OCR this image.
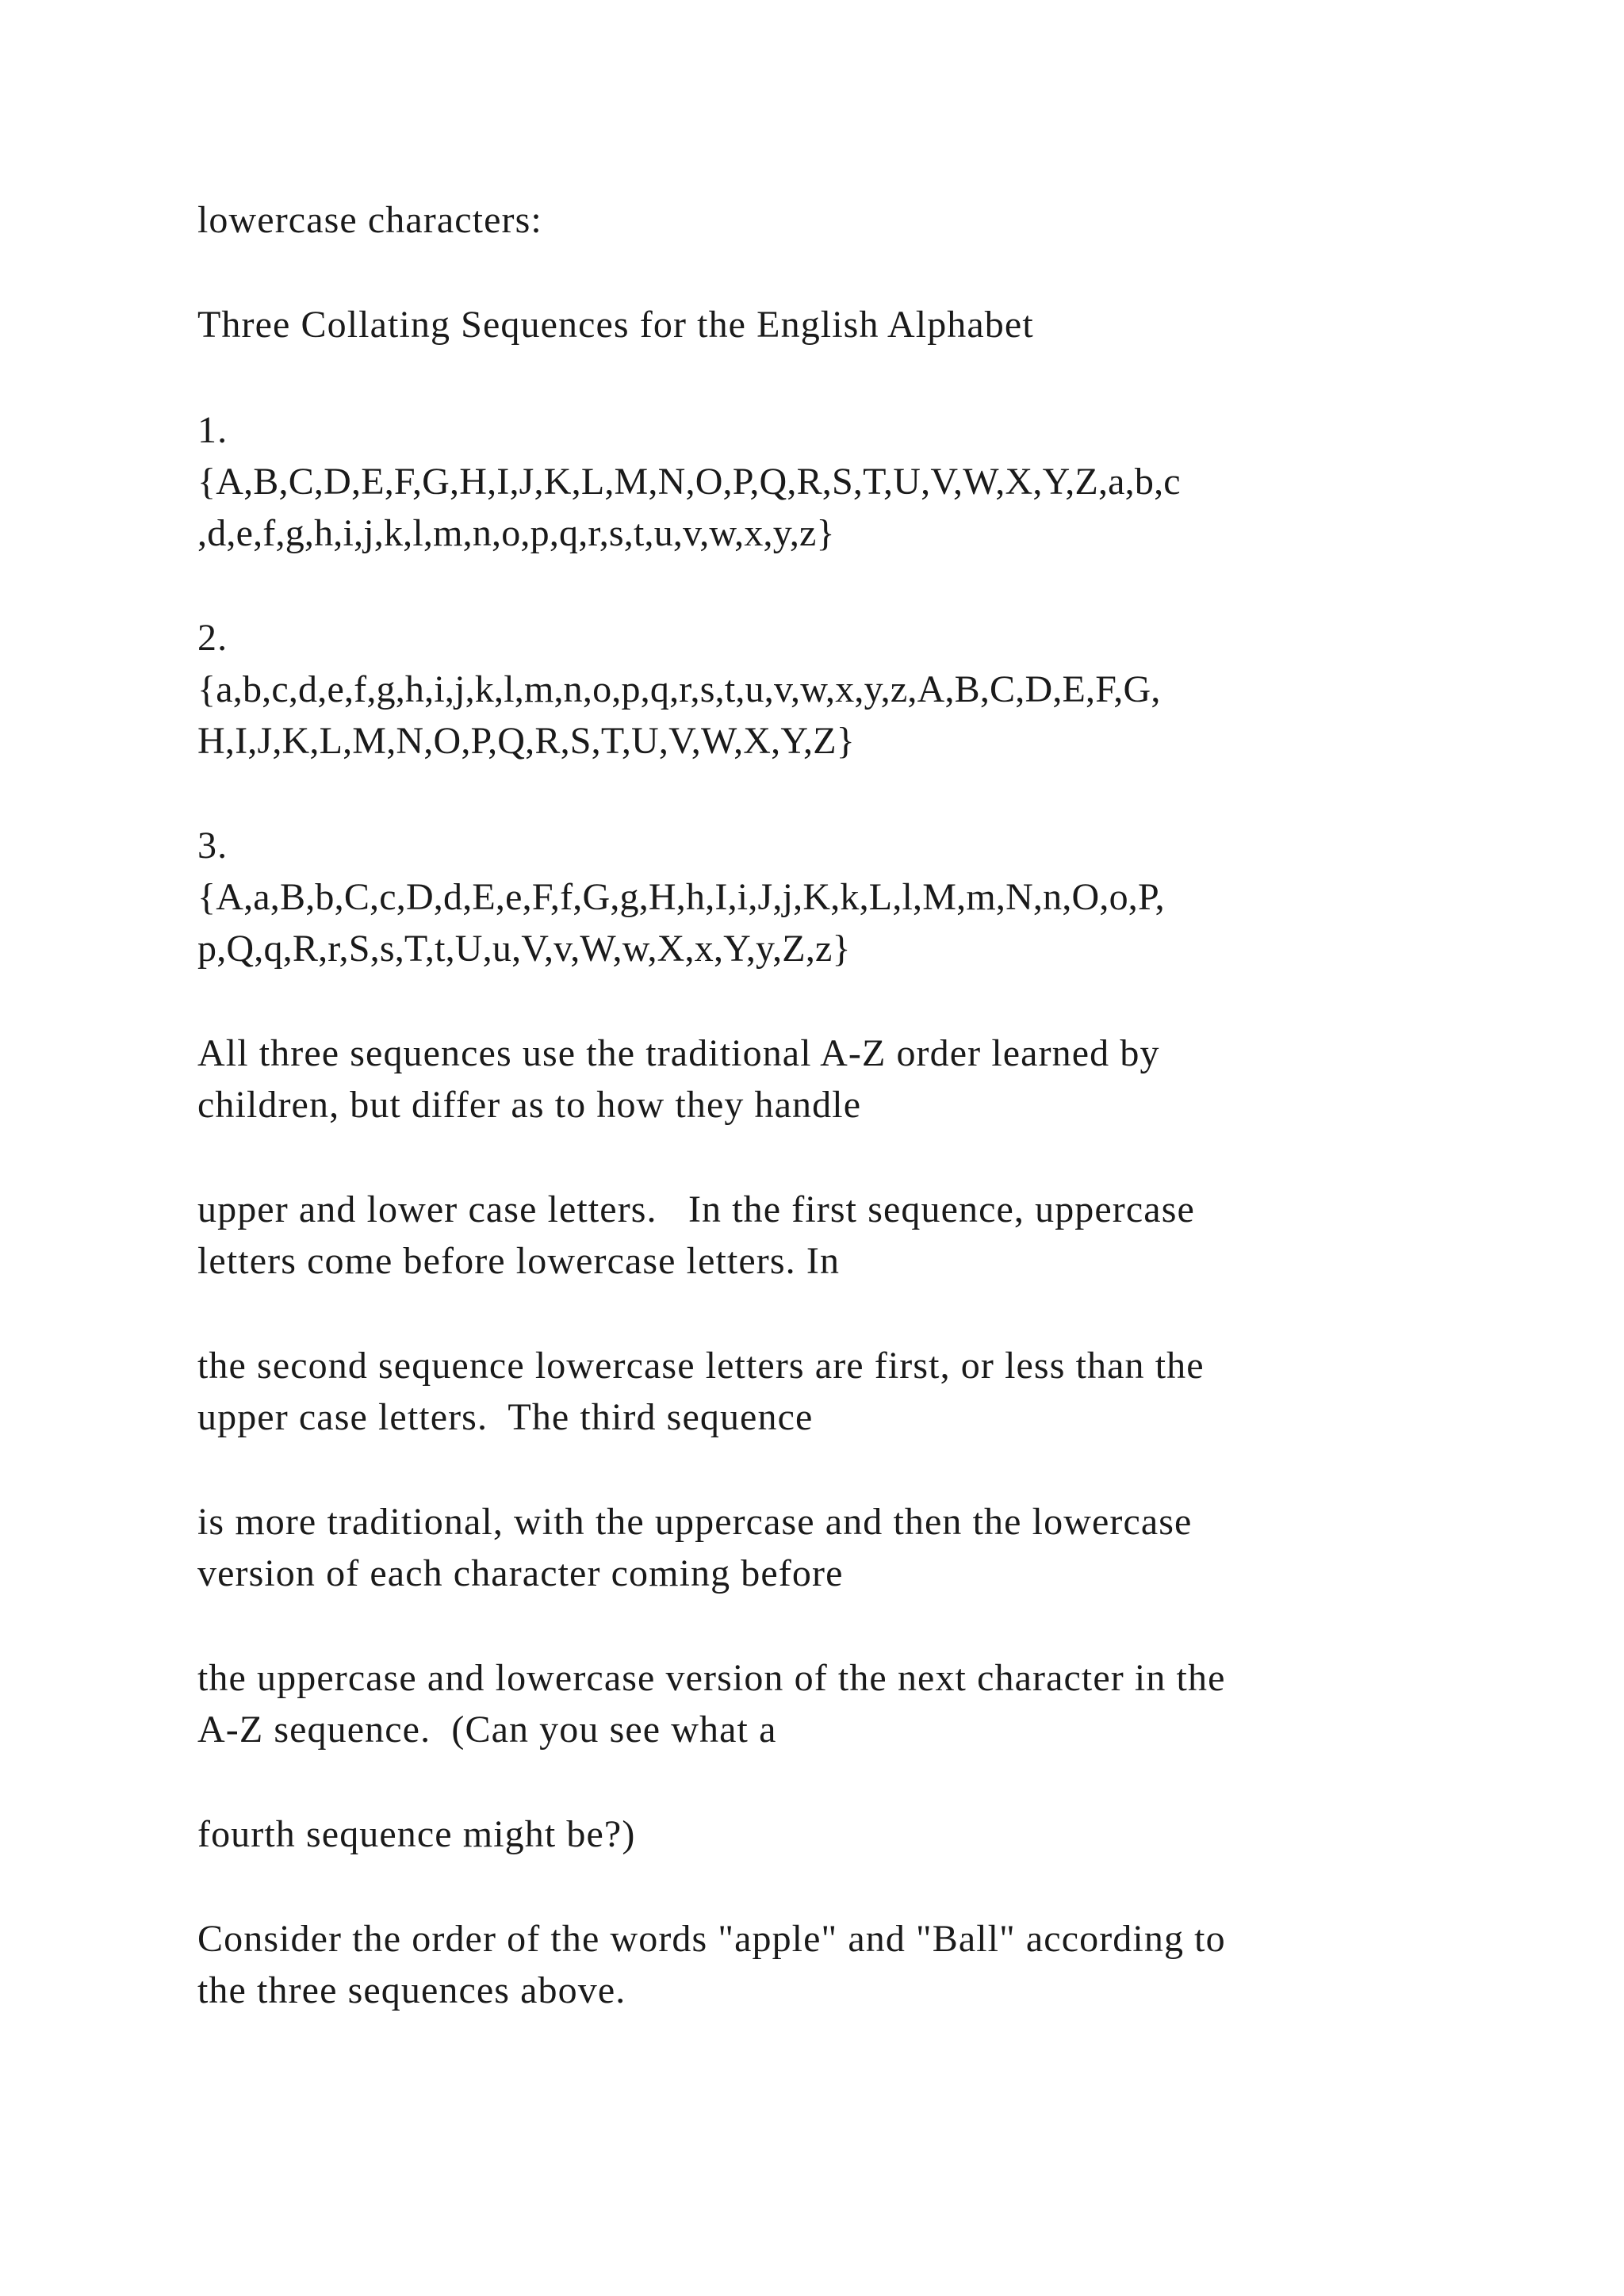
lowercase characters:

Three Collating Sequences for the English Alphabet

1.

{A,B,C,D,E,F,G,H,I,J,K,L,M,N,O,P,Q,R,S,T,U,V,W,X,Y,Z,a,b,c

,d,e,f,g,h,i,j,k,l,m,n,o,p,q,r,s,t,u,v,w,x,y,z}

2.

{a,b,c,d,e,f,g,h,i,j,k,l,m,n,o,p,q,r,s,t,u,v,w,x,y,z,A,B,C,D,E,F,G,

H,I,J,K,L,M,N,O,P,Q,R,S,T,U,V,W,X,Y,Z}

3.

{A,a,B,b,C,c,D,d,E,e,F,f,G,g,H,h,I,i,J,j,K,k,L,l,M,m,N,n,O,o,P,

p,Q,q,R,r,S,s,T,t,U,u,V,v,W,w,X,x,Y,y,Z,z}

All three sequences use the traditional A-Z order learned by

children, but differ as to how they handle

upper and lower case letters.   In the first sequence, uppercase

letters come before lowercase letters. In

the second sequence lowercase letters are first, or less than the

upper case letters.  The third sequence

is more traditional, with the uppercase and then the lowercase

version of each character coming before

the uppercase and lowercase version of the next character in the

A-Z sequence.  (Can you see what a

fourth sequence might be?)

Consider the order of the words "apple" and "Ball" according to

the three sequences above.
